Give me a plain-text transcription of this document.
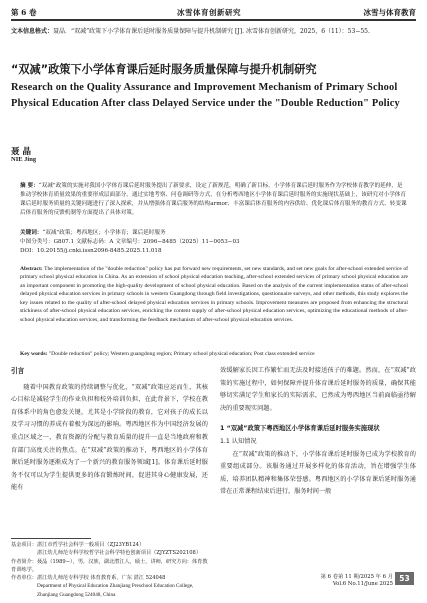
第 6 卷	冰雪体育创新研究	冰雪与体育教育
文本信息格式：聂晶．“双减”政策下小学体育课后延时服务质量保障与提升机制研究 [J]. 冰雪体育创新研究，2025，6（11）：53−55.
“双减”政策下小学体育课后延时服务质量保障与提升机制研究
Research on the Quality Assurance and Improvement Mechanism of Primary School Physical Education After class Delayed Service under the "Double Reduction" Policy
聂 晶
NIE Jing
摘 要：“双减”政策的实施对我国小学体育课后延时服务提出了新要求，设定了新规范，明确了新目标。小学体育课后延时服务作为学校体育教学的延伸，是推动学校体育质量效果的重要形成层面部分。通过实地考察、问卷调研等方式，在分析粤西地区小学体育课后延时服务的实施现状基础上，该研究对小学体育课后延时服务质量的关键问题进行了深入探索，并从增强体育课后服务的结构armor、丰富课后体育服务的内容供给、优化课后体育服务的教育方式、转变课后体育服务的反馈机制等方面提出了具体对策。
关键词：“双减”政策；粤西地区；小学体育；课后延时服务
中图分类号：G807.1 文献标志码：A 文章编号：2096−8485（2025）11−0053−03
DOI：10.20155/j.cnki.issn2096-8485.2025.11.018
Abstract: The implementation of the "double reduction" policy has put forward new requirements, set new standards, and set new goals for after-school extended service of primary school physical education in China. As an extension of school physical education teaching, after-school extended services of primary school physical education are an important component in promoting the high-quality development of school physical education. Based on the analysis of the current implementation status of after-school delayed physical education services in primary schools in western Guangdong through field investigations, questionnaire surveys, and other methods, this study explores the key issues related to the quality of after-school delayed physical education services in primary schools. Improvement measures are proposed from enhancing the structural stickiness of after-school physical education services, enriching the content supply of after-school physical education services, optimizing the educational methods of after-school physical education services, and transforming the feedback mechanism of after-school physical education services.
Key words: "Double reduction" policy; Western guangdong region; Primary school physical education; Post class extended service
引言
随着中国教育政策的持续调整与优化，“双减”政策应运而生，其核心目标是减轻学生的作业负担和校外培训负担，在此背景下，学校在教育体系中的角色愈发关键，尤其是小学阶段的教育，它对孩子的成长以及学习习惯的养成有着极为深远的影响。粤西地区作为中国经济发展的重点区域之一，教育资源的分配与教育质量的提升一直是当地政府和教育部门高度关注的焦点。在“双减”政策的推动下，粤西地区的小学体育课后延时服务逐渐成为了一个新兴的教育服务领域[1]。体育课后延时服务不仅可以为学生提供更多的体育锻炼时间，促进其身心健康发展，还能有
效缓解家长因工作繁忙而无法及时接送孩子的难题。然而，在“双减”政策的实施过程中，如何保障并提升体育课后延时服务的质量，确保其能够切实满足学生和家长的实际需求，已然成为粤西地区当前面临亟待解决的重要现实问题。
1 “双减”政策下粤西地区小学体育课后延时服务实施现状
1.1 认知情况
在“双减”政策的推动下，小学体育课后延时服务已成为学校教育的重要组成部分。该服务通过开展多样化的体育活动，旨在增强学生体质、培养团队精神和集体荣誉感。粤西地区的小学体育课后延时服务通常在正常课程结束后进行，服务时间一般
基金项目：湛江市哲学社会科学一般项目（ZJ23YB124）
湛江幼儿师范专科学校哲学社会科学特色创新项目（ZJYZTS202108）
作者简介：聂晶（1989−），男，汉族，湖北潜江人，硕士，讲师，研究方向：体育教育训练学。
作者单位：湛江幼儿师范专科学校 体育教育系，广东 湛江 524048
Department of Physical Education Zhanjiang Preschool Education College, Zhanjiang Guangdong 524048, China
第 6 卷第 11 期/2025 年 6 月
Vol.6 No.11/June 2025
53
